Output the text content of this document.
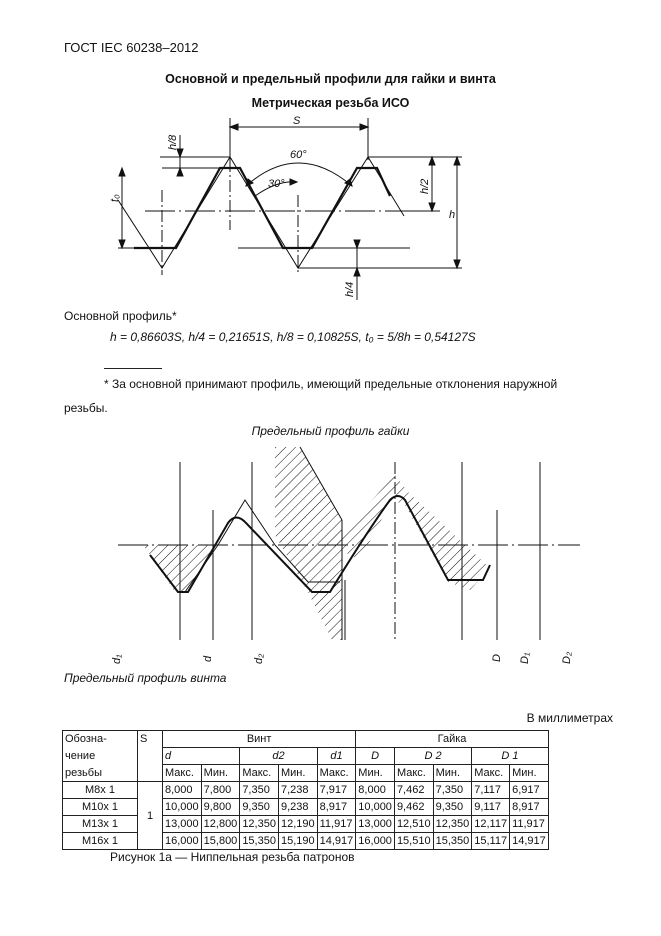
ГОСТ IEC 60238–2012
Основной и предельный профили для гайки и винта
Метрическая резьба ИСО
S
60°
30°
h
h/8
t₀
h/2
h/4
Основной профиль*
h = 0,86603S, h/4 = 0,21651S, h/8 = 0,10825S, t₀ = 5/8h = 0,54127S
* За основной принимают профиль, имеющий предельные отклонения наружной
резьбы.
Предельный профиль гайки
d₁	d	d₂	D D₁	D₂
Предельный профиль винта
В миллиметрах
Обозна-	S	Винт					Гайка				
чение		d		d2		d1	D	D 2		D 1	
резьбы		Макс.	Мин.	Макс.	Мин.	Макс.	Мин.	Макс.	Мин.	Макс.	Мин.
М8х 1	1	8,000	7,800	7,350	7,238	7,917	8,000	7,462	7,350	7,117	6,917
М10х 1		10,000	9,800	9,350	9,238	8,917	10,000	9,462	9,350	9,117	8,917
М13х 1		13,000	12,800	12,350	12,190	11,917	13,000	12,510	12,350	12,117	11,917
М16х 1		16,000	15,800	15,350	15,190	14,917	16,000	15,510	15,350	15,117	14,917
Рисунок 1а — Ниппельная резьба патронов
